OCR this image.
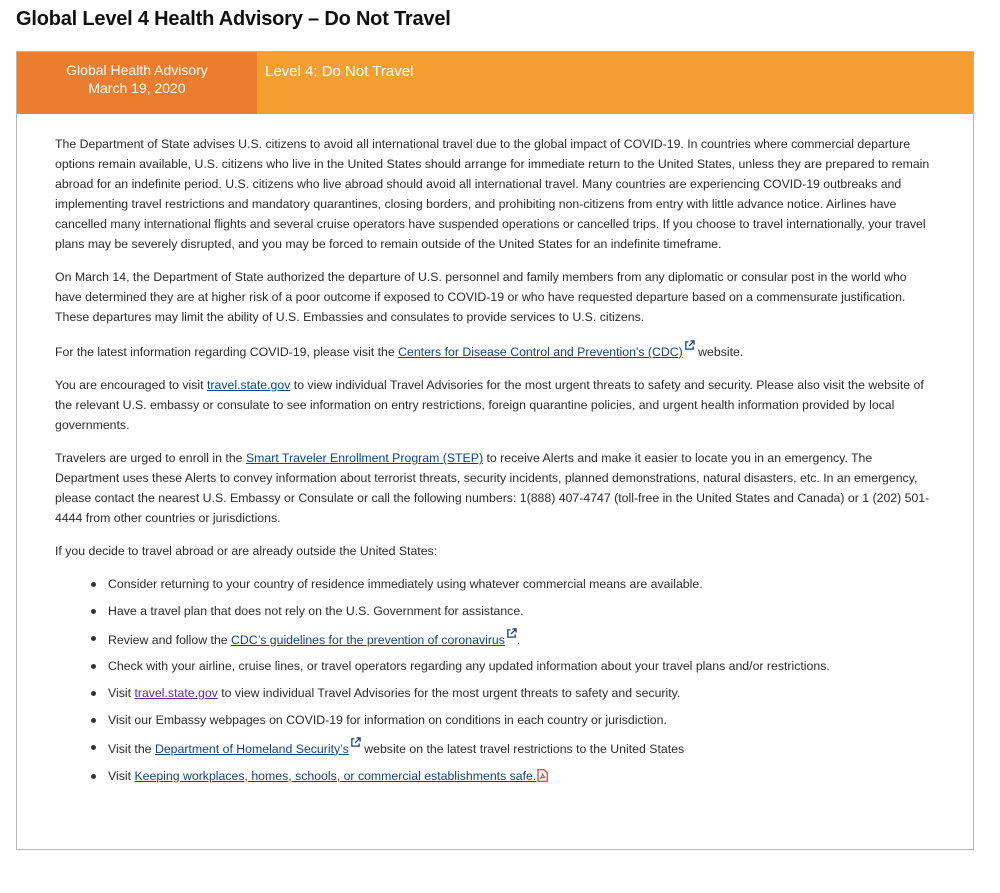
Global Level 4 Health Advisory – Do Not Travel
Global Health Advisory
March 19, 2020
Level 4: Do Not Travel

The Department of State advises U.S. citizens to avoid all international travel due to the global impact of COVID-19. In countries where commercial departure options remain available, U.S. citizens who live in the United States should arrange for immediate return to the United States, unless they are prepared to remain abroad for an indefinite period. U.S. citizens who live abroad should avoid all international travel. Many countries are experiencing COVID-19 outbreaks and implementing travel restrictions and mandatory quarantines, closing borders, and prohibiting non-citizens from entry with little advance notice. Airlines have cancelled many international flights and several cruise operators have suspended operations or cancelled trips. If you choose to travel internationally, your travel plans may be severely disrupted, and you may be forced to remain outside of the United States for an indefinite timeframe.

On March 14, the Department of State authorized the departure of U.S. personnel and family members from any diplomatic or consular post in the world who have determined they are at higher risk of a poor outcome if exposed to COVID-19 or who have requested departure based on a commensurate justification. These departures may limit the ability of U.S. Embassies and consulates to provide services to U.S. citizens.

For the latest information regarding COVID-19, please visit the Centers for Disease Control and Prevention's (CDC) website.

You are encouraged to visit travel.state.gov to view individual Travel Advisories for the most urgent threats to safety and security. Please also visit the website of the relevant U.S. embassy or consulate to see information on entry restrictions, foreign quarantine policies, and urgent health information provided by local governments.

Travelers are urged to enroll in the Smart Traveler Enrollment Program (STEP) to receive Alerts and make it easier to locate you in an emergency. The Department uses these Alerts to convey information about terrorist threats, security incidents, planned demonstrations, natural disasters, etc. In an emergency, please contact the nearest U.S. Embassy or Consulate or call the following numbers: 1(888) 407-4747 (toll-free in the United States and Canada) or 1 (202) 501-4444 from other countries or jurisdictions.

If you decide to travel abroad or are already outside the United States:

Consider returning to your country of residence immediately using whatever commercial means are available.
Have a travel plan that does not rely on the U.S. Government for assistance.
Review and follow the CDC’s guidelines for the prevention of coronavirus .
Check with your airline, cruise lines, or travel operators regarding any updated information about your travel plans and/or restrictions.
Visit travel.state.gov to view individual Travel Advisories for the most urgent threats to safety and security.
Visit our Embassy webpages on COVID-19 for information on conditions in each country or jurisdiction.
Visit the Department of Homeland Security’s website on the latest travel restrictions to the United States
Visit Keeping workplaces, homes, schools, or commercial establishments safe.
